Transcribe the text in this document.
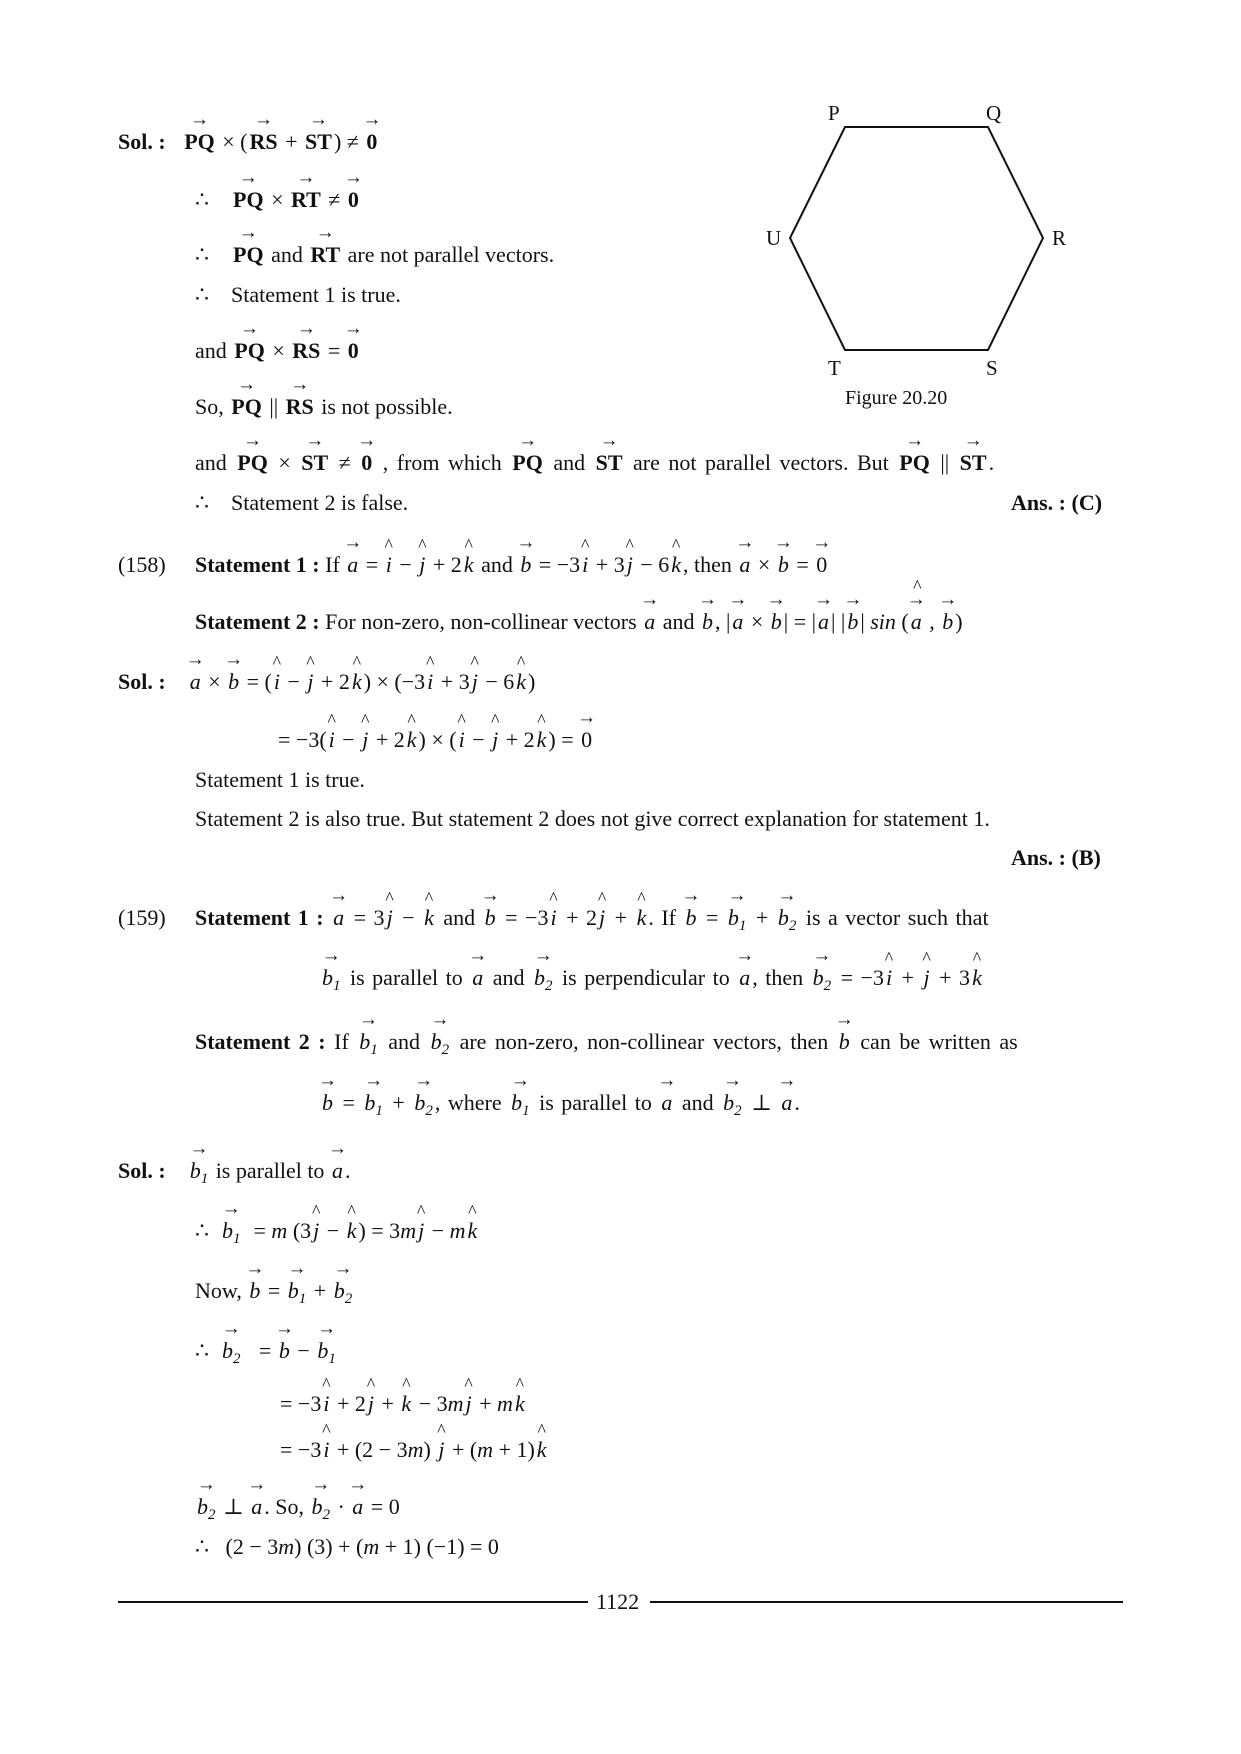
P	Q
R
S
T
U
Figure 20.20
Sol. : → PQ × (→ RS + → ST) ≠ → 0
∴    → PQ × → RT ≠ → 0
∴    → PQ and → RT are not parallel vectors.
∴    Statement 1 is true.
and → PQ × → RS = → 0
So, → PQ || → RS is not possible.
and → PQ × → ST ≠ → 0 , from which → PQ and → ST are not parallel vectors. But → PQ || → ST.
∴    Statement 2 is false.	Ans. : (C)
(158) Statement 1 : If → a = ^ i − ^ j + 2^ k and → b = −3^ i + 3^ j − 6^ k, then → a × → b = → 0
Statement 2 : For non-zero, non-collinear vectors → a and → b, |→ a × → b| = |→ a| |→ b| sin (→ a ^ , → b)
Sol. : → a × → b = (^ i − ^ j + 2^ k) × (−3^ i + 3^ j − 6^ k)
= −3(^ i − ^ j + 2^ k) × (^ i − ^ j + 2^ k) = → 0
Statement 1 is true.
Statement 2 is also true. But statement 2 does not give correct explanation for statement 1.
Ans. : (B)
(159) Statement 1 : → a = 3^ j − ^ k and → b = −3^ i + 2^ j + ^ k. If → b = → $b_1$ + → $b_2$ is a vector such that
→ $b_1$ is parallel to → a and → $b_2$ is perpendicular to → a, then → $b_2$ = −3^ i + ^ j + 3^ k
Statement 2 : $If \to b_1$ and → $b_2$ are non-zero, non-collinear vectors, then → b can be written as
→ b = → $b_1$ + → $b_2$, where → $b_1$ is parallel to → a and → $b_2$ ⊥ → a.
Sol. : → $b_1$ is parallel to → a.
∴  → $b_1 = m$ (3^ j − ^ k) = 3m^ j − m^ k
Now, → b = → $b_1$ + → $b_2$
∴  → $b_2$   = → b − → $b_1$
= −3^ i + 2^ j + ^ k − 3m^ j + m^ k
= −3^ i + (2 − 3m) ^ j + (m + 1)^ k
→ $b_2$ ⊥ → a. So, → $b_2$ · → a = 0
∴   (2 − 3m) (3) + (m + 1) (−1) = 0
1122
